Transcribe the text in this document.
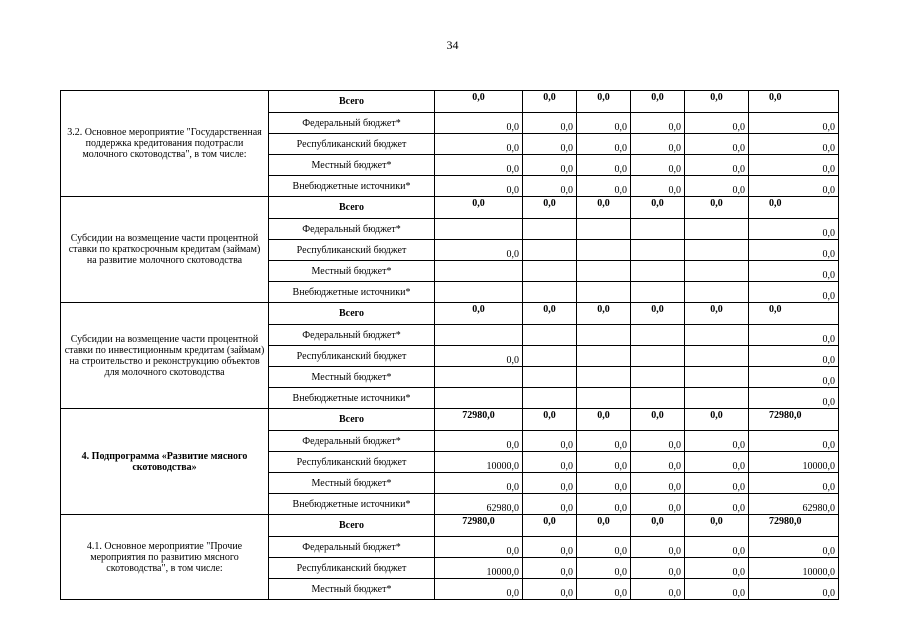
34
3.2. Основное мероприятие "Государственная поддержка кредитования подотрасли молочного скотоводства", в том числе:	Всего	0,0	0,0	0,0	0,0	0,0	0,0
	Федеральный бюджет*	0,0	0,0	0,0	0,0	0,0	0,0
	Республиканский бюджет	0,0	0,0	0,0	0,0	0,0	0,0
	Местный бюджет*	0,0	0,0	0,0	0,0	0,0	0,0
	Внебюджетные источники*	0,0	0,0	0,0	0,0	0,0	0,0
Субсидии на возмещение части процентной ставки по краткосрочным кредитам (займам) на развитие молочного скотоводства	Всего	0,0	0,0	0,0	0,0	0,0	0,0
	Федеральный бюджет*						0,0
	Республиканский бюджет	0,0					0,0
	Местный бюджет*						0,0
	Внебюджетные источники*						0,0
Субсидии на возмещение части процентной ставки по инвестиционным кредитам (займам) на строительство и реконструкцию объектов для молочного скотоводства	Всего	0,0	0,0	0,0	0,0	0,0	0,0
	Федеральный бюджет*						0,0
	Республиканский бюджет	0,0					0,0
	Местный бюджет*						0,0
	Внебюджетные источники*						0,0
4. Подпрограмма «Развитие мясного скотоводства»	Всего	72980,0	0,0	0,0	0,0	0,0	72980,0
	Федеральный бюджет*	0,0	0,0	0,0	0,0	0,0	0,0
	Республиканский бюджет	10000,0	0,0	0,0	0,0	0,0	10000,0
	Местный бюджет*	0,0	0,0	0,0	0,0	0,0	0,0
	Внебюджетные источники*	62980,0	0,0	0,0	0,0	0,0	62980,0
4.1. Основное мероприятие "Прочие мероприятия по развитию мясного скотоводства", в том числе:	Всего	72980,0	0,0	0,0	0,0	0,0	72980,0
	Федеральный бюджет*	0,0	0,0	0,0	0,0	0,0	0,0
	Республиканский бюджет	10000,0	0,0	0,0	0,0	0,0	10000,0
	Местный бюджет*	0,0	0,0	0,0	0,0	0,0	0,0
